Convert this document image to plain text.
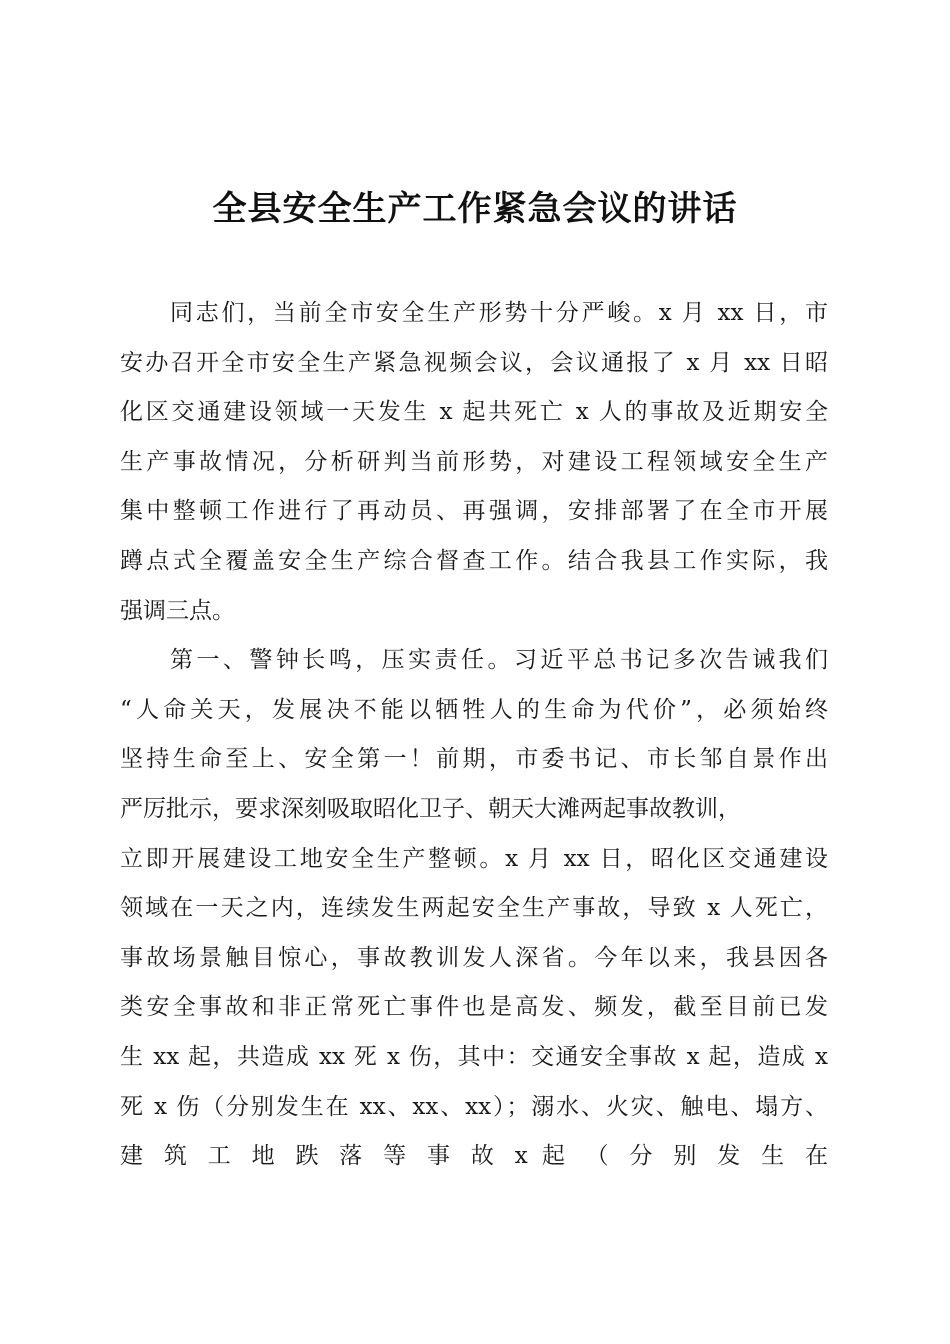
全县安全生产工作紧急会议的讲话
同志们，当前全市安全生产形势十分严峻。x 月 xx 日，市
安办召开全市安全生产紧急视频会议，会议通报了 x 月 xx 日昭
化区交通建设领域一天发生 x 起共死亡 x 人的事故及近期安全
生产事故情况，分析研判当前形势，对建设工程领域安全生产
集中整顿工作进行了再动员、再强调，安排部署了在全市开展
蹲点式全覆盖安全生产综合督查工作。结合我县工作实际，我
强调三点。
第一、警钟长鸣，压实责任。习近平总书记多次告诫我们
“人命关天，发展决不能以牺牲人的生命为代价”，必须始终
坚持生命至上、安全第一！前期，市委书记、市长邹自景作出
严厉批示，要求深刻吸取昭化卫子、朝天大滩两起事故教训，
立即开展建设工地安全生产整顿。x 月 xx 日，昭化区交通建设
领域在一天之内，连续发生两起安全生产事故，导致 x 人死亡，
事故场景触目惊心，事故教训发人深省。今年以来，我县因各
类安全事故和非正常死亡事件也是高发、频发，截至目前已发
生 xx 起，共造成 xx 死 x 伤，其中：交通安全事故 x 起，造成 x
死 x 伤（分别发生在 xx、xx、xx）；溺水、火灾、触电、塌方、
建 筑 工 地 跌 落 等 事 故 x 起 （ 分 别 发 生 在
